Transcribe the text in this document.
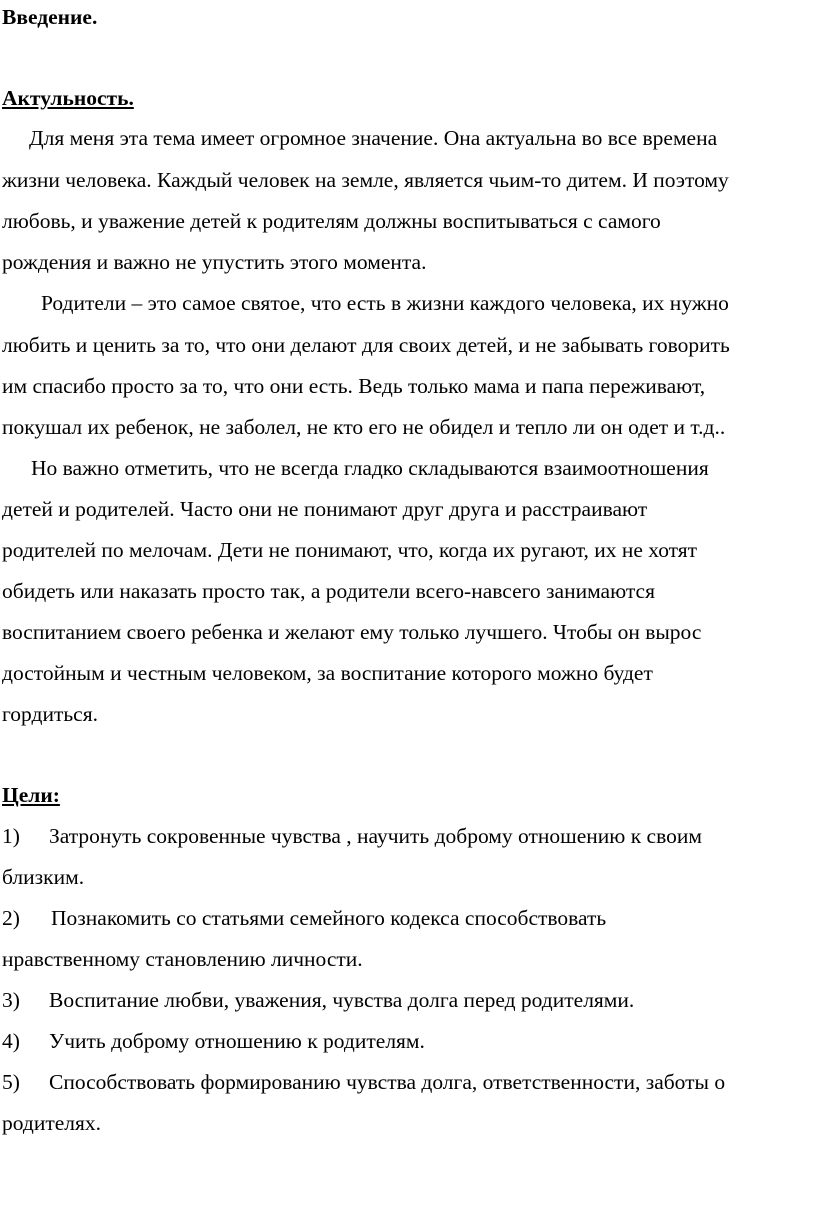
Введение.
Актульность.
Для меня эта тема имеет огромное значение. Она актуальна во все времена
жизни человека. Каждый человек на земле, является чьим-то дитем. И поэтому
любовь, и уважение детей к родителям должны воспитываться с самого
рождения и важно не упустить этого момента.
Родители – это самое святое, что есть в жизни каждого человека, их нужно
любить и ценить за то, что они делают для своих детей, и не забывать говорить
им спасибо просто за то, что они есть. Ведь только мама и папа переживают,
покушал их ребенок, не заболел, не кто его не обидел и тепло ли он одет и т.д..
Но важно отметить, что не всегда гладко складываются взаимоотношения
детей и родителей. Часто они не понимают друг друга и расстраивают
родителей по мелочам. Дети не понимают, что, когда их ругают, их не хотят
обидеть или наказать просто так, а родители всего-навсего занимаются
воспитанием своего ребенка и желают ему только лучшего. Чтобы он вырос
достойным и честным человеком, за воспитание которого можно будет
гордиться.
Цели:
1) Затронуть сокровенные чувства , научить доброму отношению к своим
близким.
2) Познакомить со статьями семейного кодекса способствовать
нравственному становлению личности.
3) Воспитание любви, уважения, чувства долга перед родителями.
4) Учить доброму отношению к родителям.
5) Способствовать формированию чувства долга, ответственности, заботы о
родителях.
